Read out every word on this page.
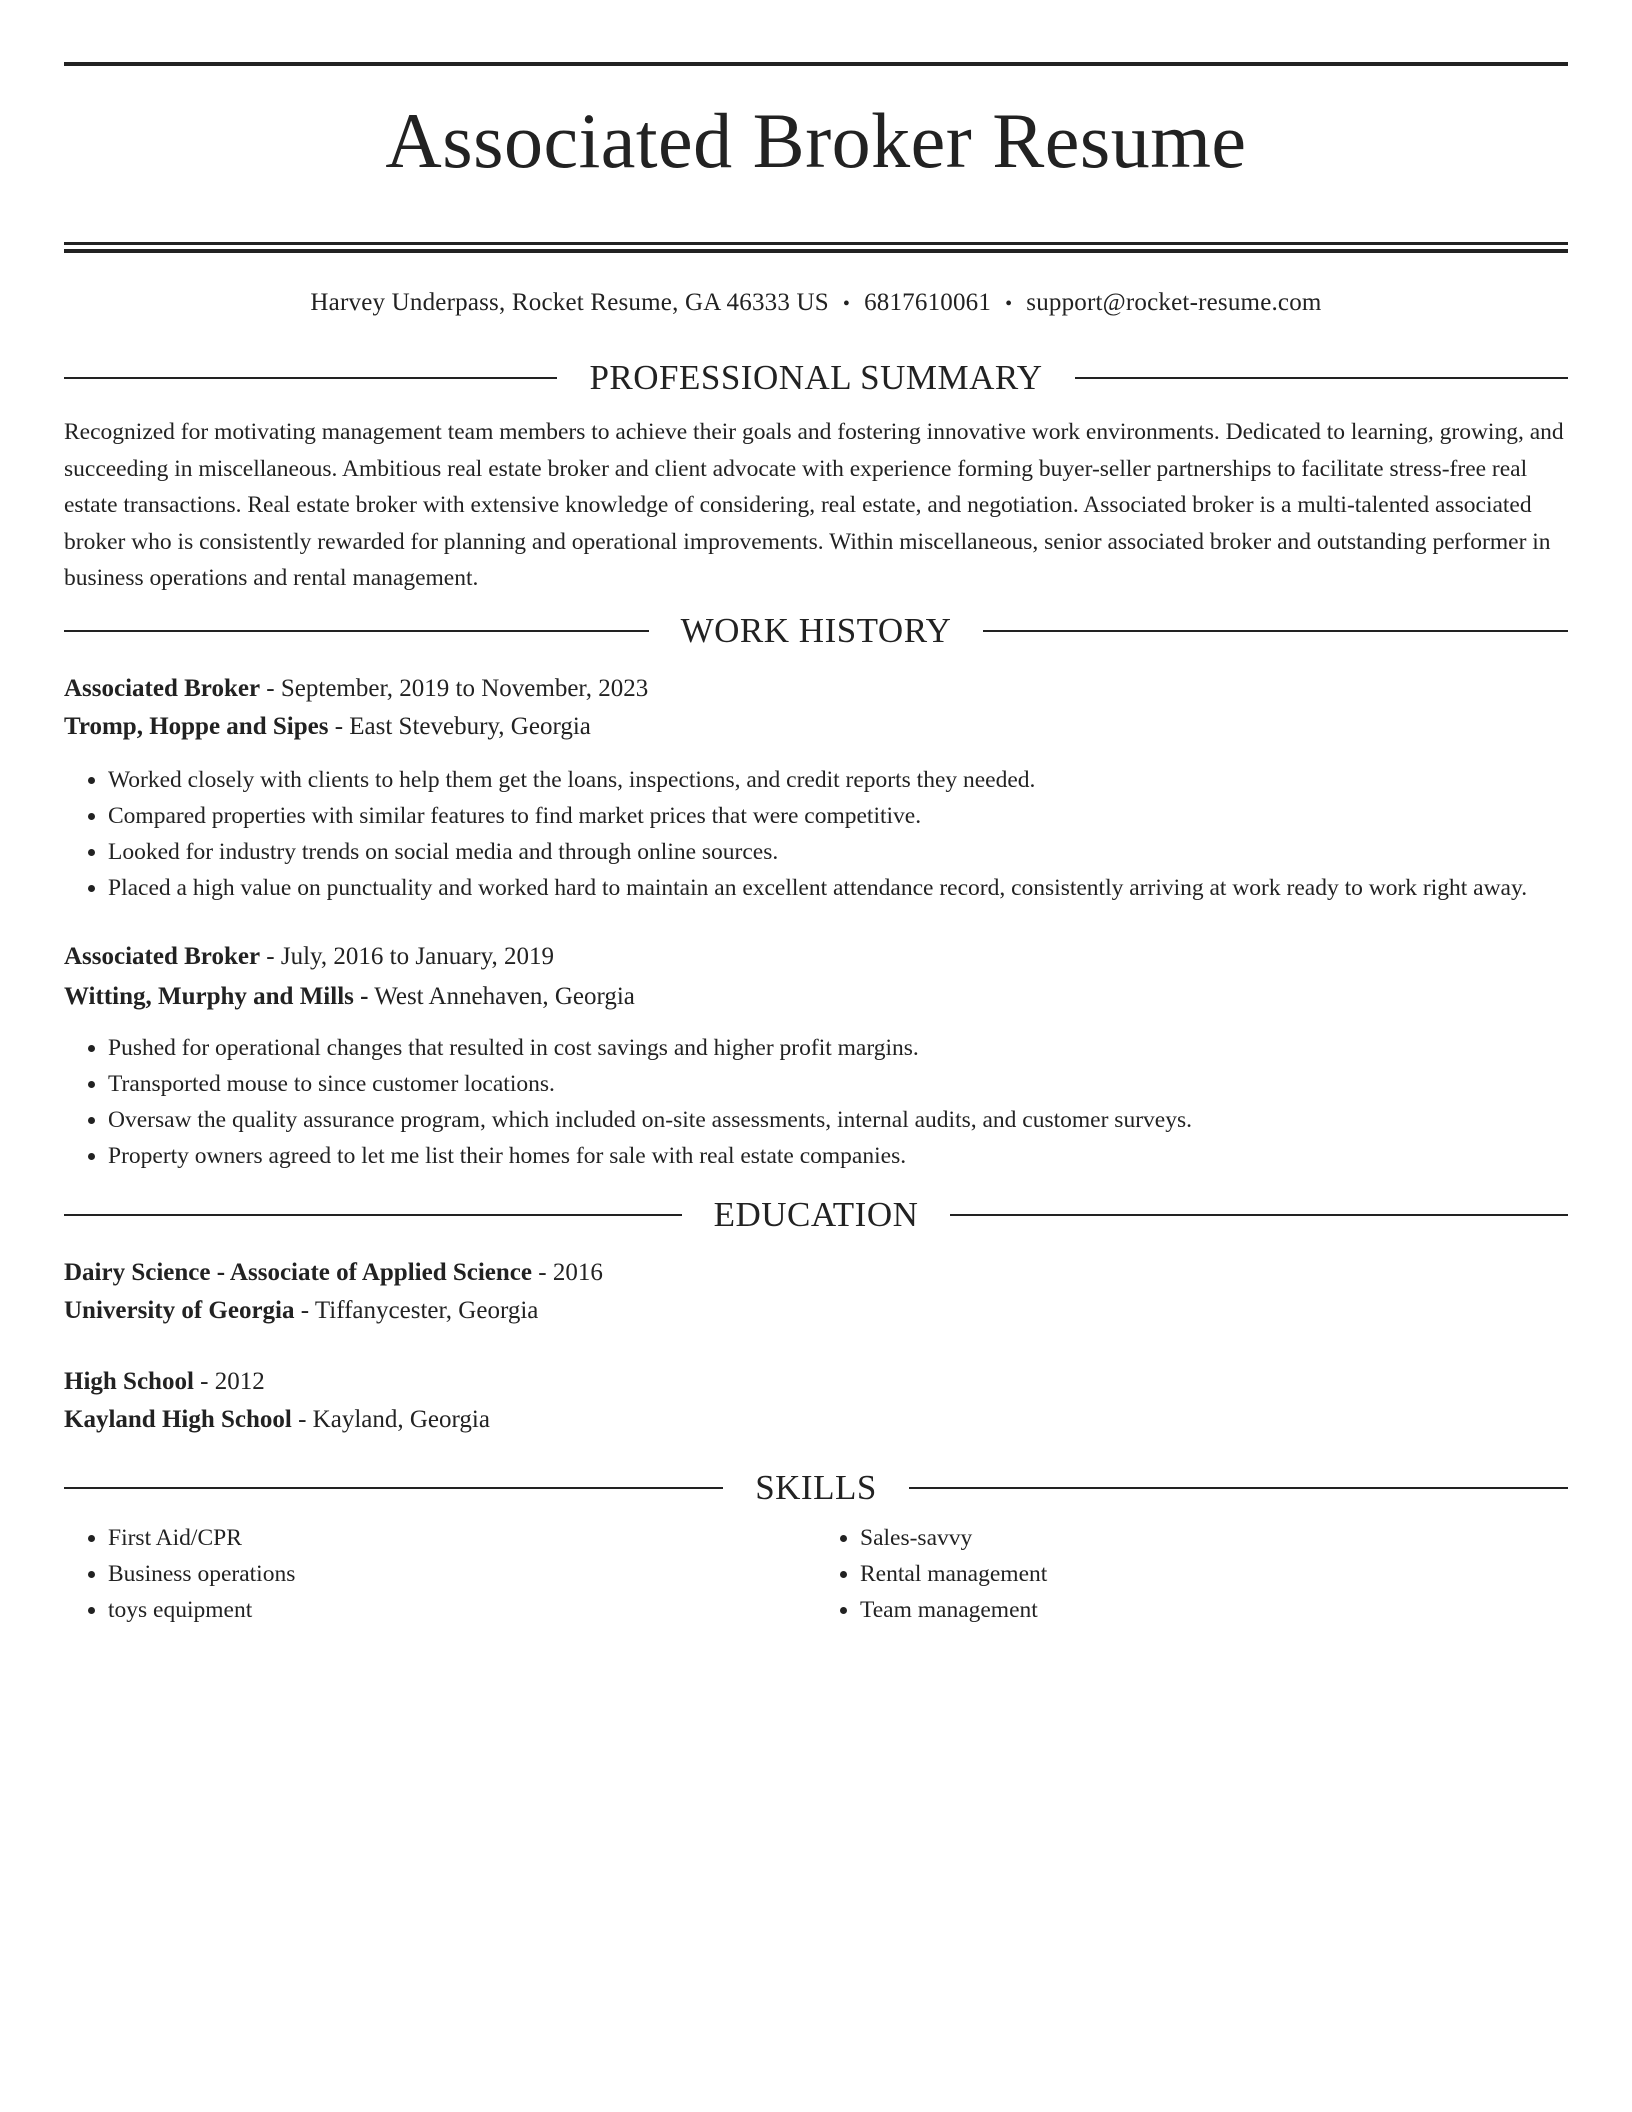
Associated Broker Resume
Harvey Underpass, Rocket Resume, GA 46333 US • 6817610061 • support@rocket-resume.com
PROFESSIONAL SUMMARY

Recognized for motivating management team members to achieve their goals and fostering innovative work environments. Dedicated to learning, growing, and succeeding in miscellaneous. Ambitious real estate broker and client advocate with experience forming buyer-seller partnerships to facilitate stress-free real estate transactions. Real estate broker with extensive knowledge of considering, real estate, and negotiation. Associated broker is a multi-talented associated broker who is consistently rewarded for planning and operational improvements. Within miscellaneous, senior associated broker and outstanding performer in business operations and rental management.

WORK HISTORY
Associated Broker - September, 2019 to November, 2023
Tromp, Hoppe and Sipes - East Stevebury, Georgia
• Worked closely with clients to help them get the loans, inspections, and credit reports they needed.
• Compared properties with similar features to find market prices that were competitive.
• Looked for industry trends on social media and through online sources.
• Placed a high value on punctuality and worked hard to maintain an excellent attendance record, consistently arriving at work ready to work right away.
Associated Broker - July, 2016 to January, 2019
Witting, Murphy and Mills - West Annehaven, Georgia
• Pushed for operational changes that resulted in cost savings and higher profit margins.
• Transported mouse to since customer locations.
• Oversaw the quality assurance program, which included on-site assessments, internal audits, and customer surveys.
• Property owners agreed to let me list their homes for sale with real estate companies.
EDUCATION
Dairy Science - Associate of Applied Science - 2016
University of Georgia - Tiffanycester, Georgia
High School - 2012
Kayland High School - Kayland, Georgia
SKILLS
• First Aid/CPR
• Business operations
• toys equipment
• Sales-savvy
• Rental management
• Team management
